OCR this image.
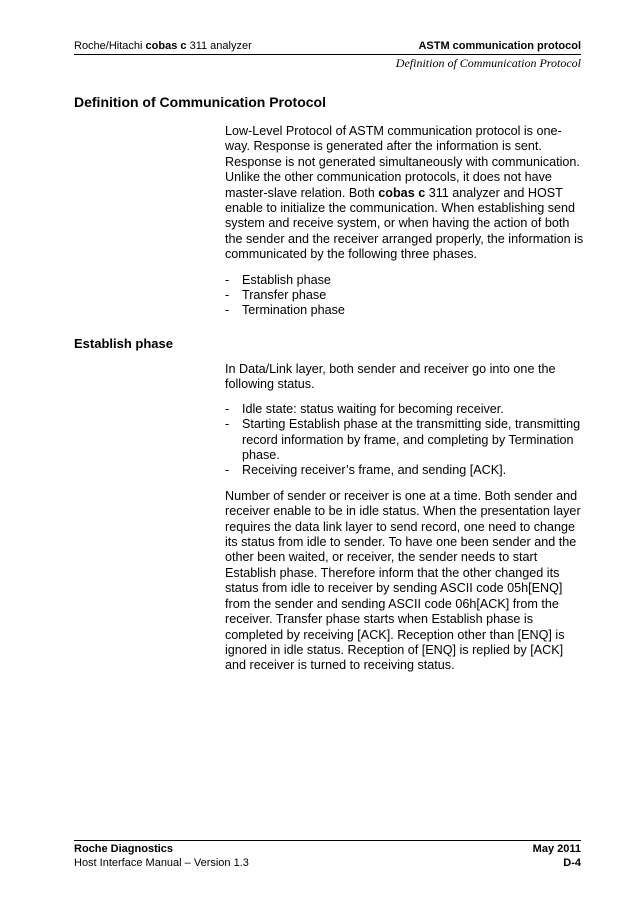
Roche/Hitachi cobas c 311 analyzer	ASTM communication protocol
Definition of Communication Protocol
Definition of Communication Protocol

Low-Level Protocol of ASTM communication protocol is one-way. Response is generated after the information is sent. Response is not generated simultaneously with communication. Unlike the other communication protocols, it does not have master-slave relation. Both cobas c 311 analyzer and HOST enable to initialize the communication. When establishing send system and receive system, or when having the action of both the sender and the receiver arranged properly, the information is communicated by the following three phases.

-	Establish phase
-	Transfer phase
-	Termination phase
Establish phase

In Data/Link layer, both sender and receiver go into one the following status.

-	Idle state: status waiting for becoming receiver.
-	Starting Establish phase at the transmitting side, transmitting record information by frame, and completing by Termination phase.
-	Receiving receiver’s frame, and sending [ACK].

Number of sender or receiver is one at a time. Both sender and receiver enable to be in idle status. When the presentation layer requires the data link layer to send record, one need to change its status from idle to sender. To have one been sender and the other been waited, or receiver, the sender needs to start Establish phase. Therefore inform that the other changed its status from idle to receiver by sending ASCII code 05h[ENQ] from the sender and sending ASCII code 06h[ACK] from the receiver. Transfer phase starts when Establish phase is completed by receiving [ACK]. Reception other than [ENQ] is ignored in idle status. Reception of [ENQ] is replied by [ACK] and receiver is turned to receiving status.

Roche Diagnostics	May 2011
Host Interface Manual – Version 1.3	D-4
